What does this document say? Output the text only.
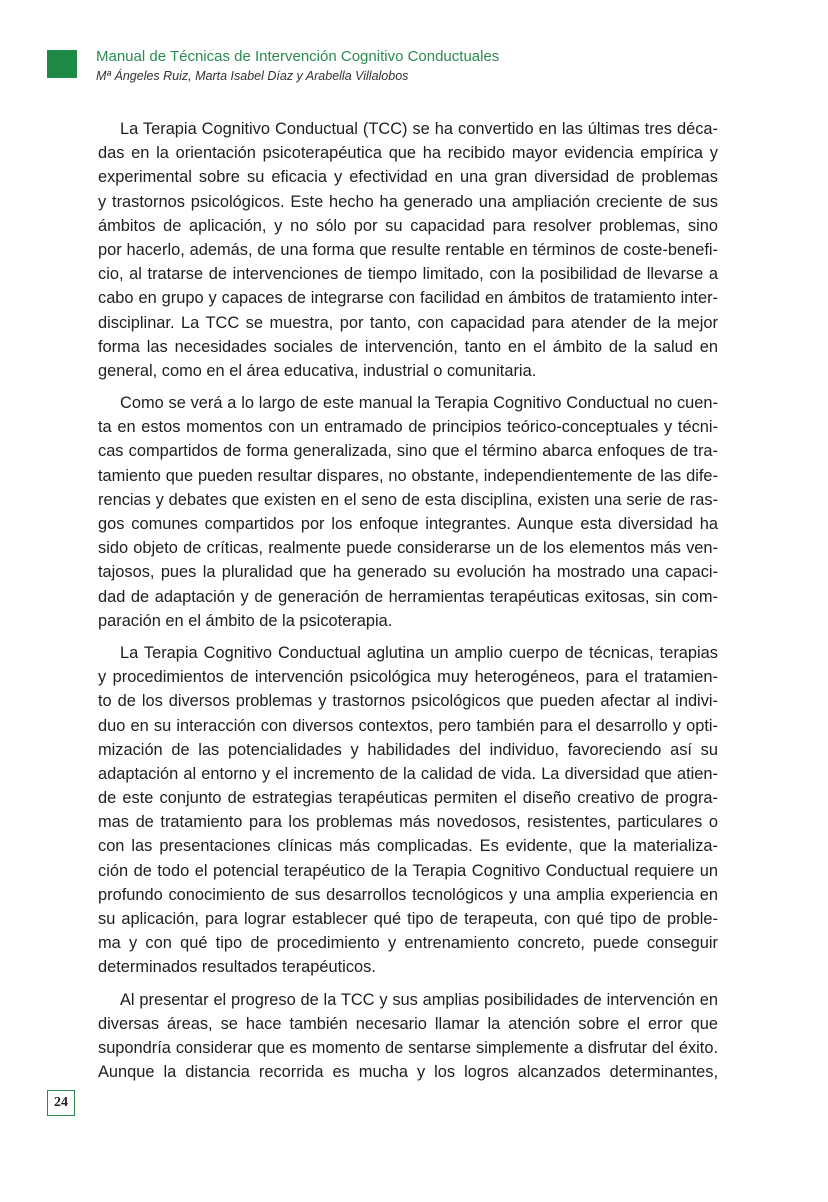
Manual de Técnicas de Intervención Cognitivo Conductuales
Mª Ángeles Ruiz, Marta Isabel Díaz y Arabella Villalobos

La Terapia Cognitivo Conductual (TCC) se ha convertido en las últimas tres déca-
das en la orientación psicoterapéutica que ha recibido mayor evidencia empírica y
experimental sobre su eficacia y efectividad en una gran diversidad de problemas
y trastornos psicológicos. Este hecho ha generado una ampliación creciente de sus
ámbitos de aplicación, y no sólo por su capacidad para resolver problemas, sino
por hacerlo, además, de una forma que resulte rentable en términos de coste-benefi-
cio, al tratarse de intervenciones de tiempo limitado, con la posibilidad de llevarse a
cabo en grupo y capaces de integrarse con facilidad en ámbitos de tratamiento inter-
disciplinar. La TCC se muestra, por tanto, con capacidad para atender de la mejor
forma las necesidades sociales de intervención, tanto en el ámbito de la salud en
general, como en el área educativa, industrial o comunitaria.

Como se verá a lo largo de este manual la Terapia Cognitivo Conductual no cuen-
ta en estos momentos con un entramado de principios teórico-conceptuales y técni-
cas compartidos de forma generalizada, sino que el término abarca enfoques de tra-
tamiento que pueden resultar dispares, no obstante, independientemente de las dife-
rencias y debates que existen en el seno de esta disciplina, existen una serie de ras-
gos comunes compartidos por los enfoque integrantes. Aunque esta diversidad ha
sido objeto de críticas, realmente puede considerarse un de los elementos más ven-
tajosos, pues la pluralidad que ha generado su evolución ha mostrado una capaci-
dad de adaptación y de generación de herramientas terapéuticas exitosas, sin com-
paración en el ámbito de la psicoterapia.

La Terapia Cognitivo Conductual aglutina un amplio cuerpo de técnicas, terapias
y procedimientos de intervención psicológica muy heterogéneos, para el tratamien-
to de los diversos problemas y trastornos psicológicos que pueden afectar al indivi-
duo en su interacción con diversos contextos, pero también para el desarrollo y opti-
mización de las potencialidades y habilidades del individuo, favoreciendo así su
adaptación al entorno y el incremento de la calidad de vida. La diversidad que atien-
de este conjunto de estrategias terapéuticas permiten el diseño creativo de progra-
mas de tratamiento para los problemas más novedosos, resistentes, particulares o
con las presentaciones clínicas más complicadas. Es evidente, que la materializa-
ción de todo el potencial terapéutico de la Terapia Cognitivo Conductual requiere un
profundo conocimiento de sus desarrollos tecnológicos y una amplia experiencia en
su aplicación, para lograr establecer qué tipo de terapeuta, con qué tipo de proble-
ma y con qué tipo de procedimiento y entrenamiento concreto, puede conseguir
determinados resultados terapéuticos.

Al presentar el progreso de la TCC y sus amplias posibilidades de intervención en
diversas áreas, se hace también necesario llamar la atención sobre el error que
supondría considerar que es momento de sentarse simplemente a disfrutar del éxito.
Aunque la distancia recorrida es mucha y los logros alcanzados determinantes,

24
